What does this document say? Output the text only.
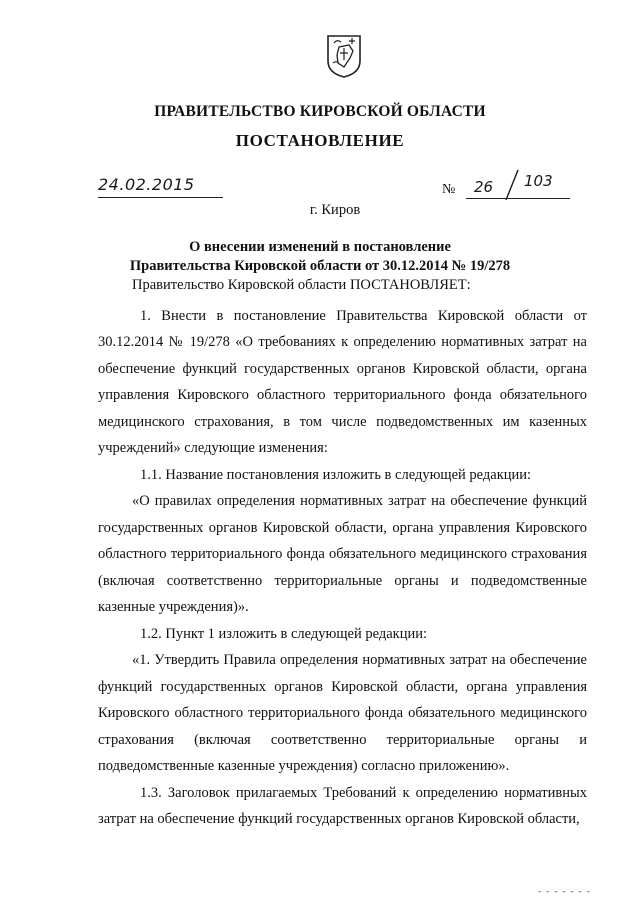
ПРАВИТЕЛЬСТВО КИРОВСКОЙ ОБЛАСТИ
ПОСТАНОВЛЕНИЕ
24.02.2015	№ 26 103
г. Киров
О внесении изменений в постановление
Правительства Кировской области от 30.12.2014 № 19/278

Правительство Кировской области ПОСТАНОВЛЯЕТ:

1. Внести в постановление Правительства Кировской области от 30.12.2014 № 19/278 «О требованиях к определению нормативных затрат на обеспечение функций государственных органов Кировской области, органа управления Кировского областного территориального фонда обязательного медицинского страхования, в том числе подведомственных им казенных учреждений» следующие изменения:

1.1. Название постановления изложить в следующей редакции:

«О правилах определения нормативных затрат на обеспечение функций государственных органов Кировской области, органа управления Кировского областного территориального фонда обязательного медицинского страхования (включая соответственно территориальные органы и подведомственные казенные учреждения)».

1.2. Пункт 1 изложить в следующей редакции:

«1. Утвердить Правила определения нормативных затрат на обеспечение функций государственных органов Кировской области, органа управления Кировского областного территориального фонда обязательного медицинского страхования (включая соответственно территориальные органы и подведомственные казенные учреждения) согласно приложению».

1.3. Заголовок прилагаемых Требований к определению нормативных затрат на обеспечение функций государственных органов Кировской области,

‑ ‑ ‑ ‑ ‑ ‑ ‑
